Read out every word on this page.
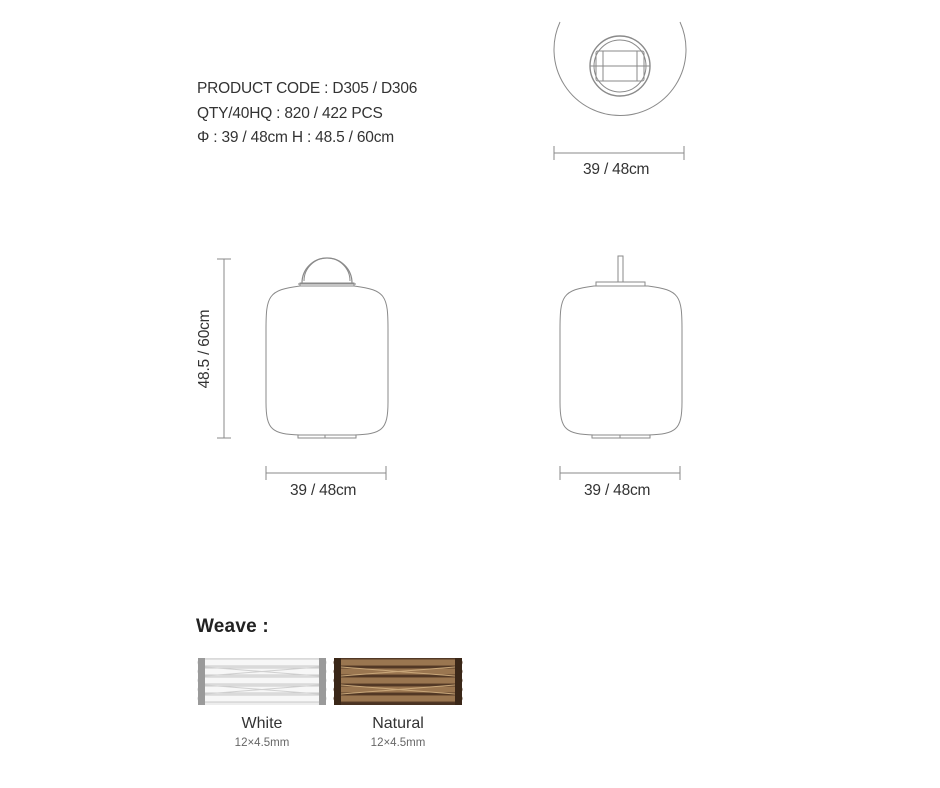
PRODUCT CODE : D305 / D306
QTY/40HQ : 820 / 422 PCS
Φ : 39 / 48cm H : 48.5 / 60cm
39 / 48cm
48.5 / 60cm
39 / 48cm	39 / 48cm
Weave :
White
12×4.5mm
Natural
12×4.5mm
